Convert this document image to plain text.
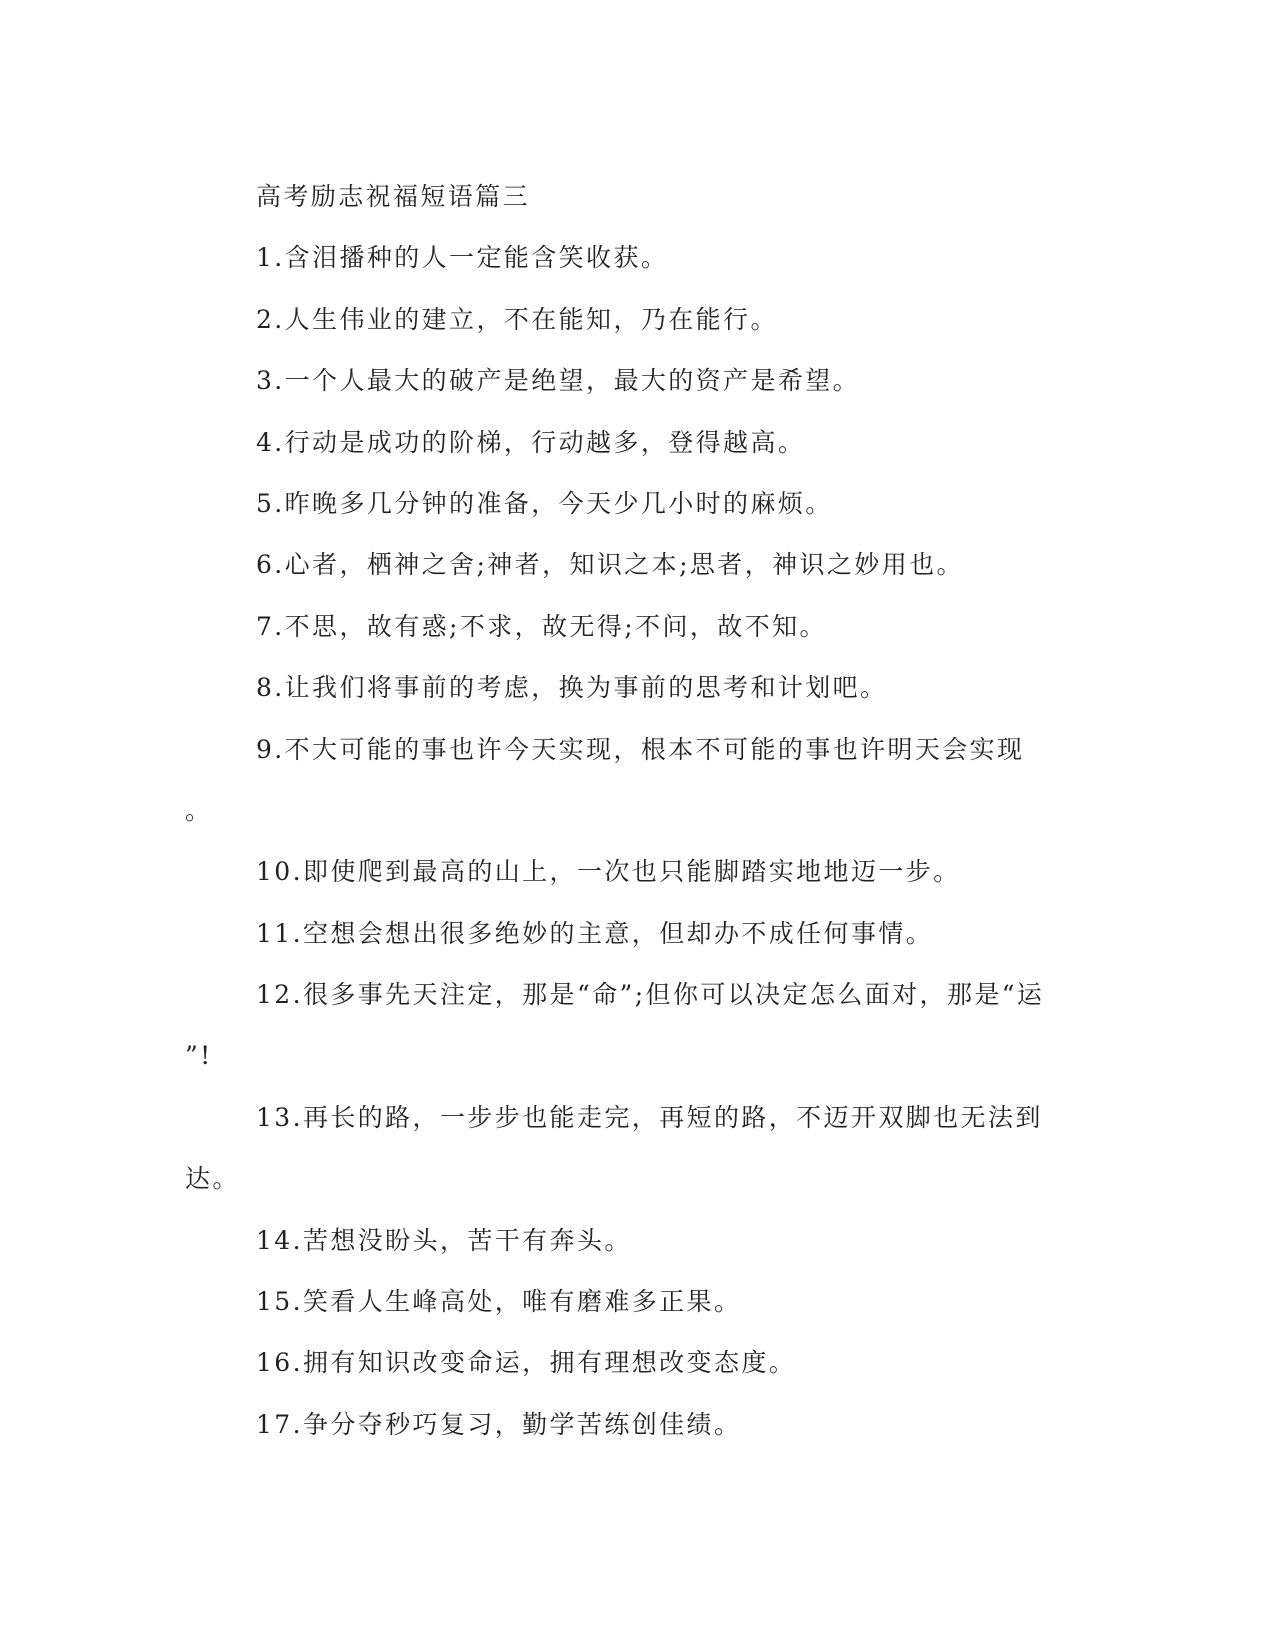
高考励志祝福短语篇三
1.含泪播种的人一定能含笑收获。
2.人生伟业的建立，不在能知，乃在能行。
3.一个人最大的破产是绝望，最大的资产是希望。
4.行动是成功的阶梯，行动越多，登得越高。
5.昨晚多几分钟的准备，今天少几小时的麻烦。
6.心者，栖神之舍;神者，知识之本;思者，神识之妙用也。
7.不思，故有惑;不求，故无得;不问，故不知。
8.让我们将事前的考虑，换为事前的思考和计划吧。
9.不大可能的事也许今天实现，根本不可能的事也许明天会实现
。
10.即使爬到最高的山上，一次也只能脚踏实地地迈一步。
11.空想会想出很多绝妙的主意，但却办不成任何事情。
12.很多事先天注定，那是“命”;但你可以决定怎么面对，那是“运
”!
13.再长的路，一步步也能走完，再短的路，不迈开双脚也无法到
达。
14.苦想没盼头，苦干有奔头。
15.笑看人生峰高处，唯有磨难多正果。
16.拥有知识改变命运，拥有理想改变态度。
17.争分夺秒巧复习，勤学苦练创佳绩。
